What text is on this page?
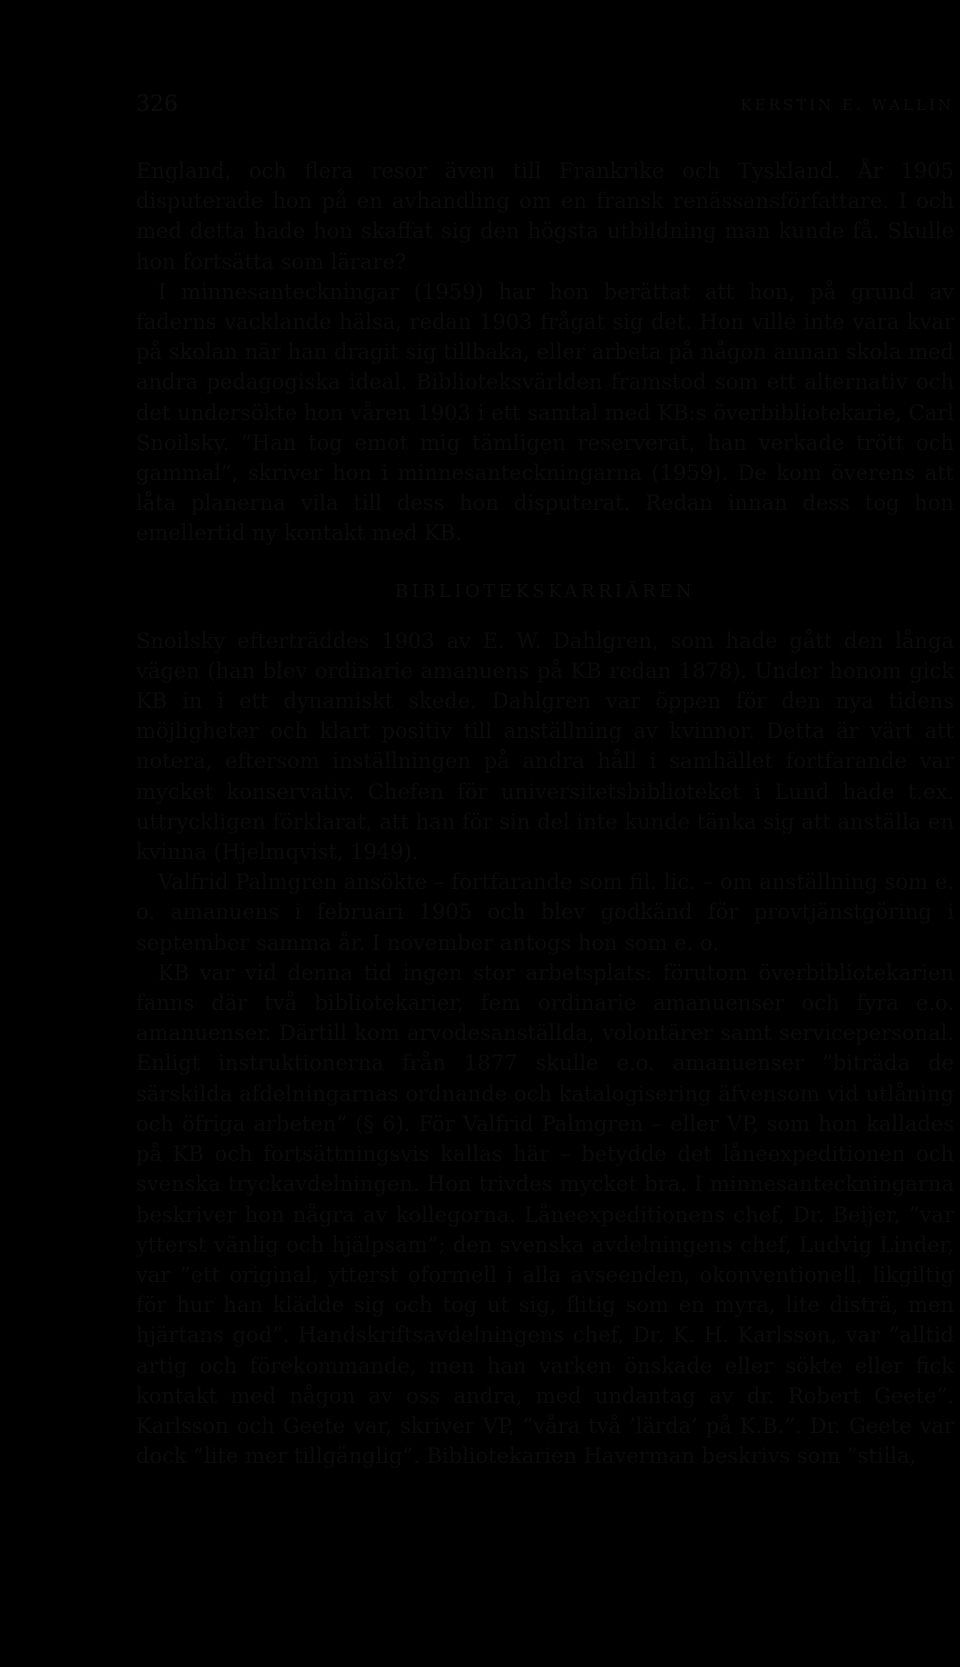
326	KERSTIN E. WALLIN

England, och flera resor även till Frankrike och Tyskland. År 1905 disputerade hon på en avhandling om en fransk renässansförfattare. I och med detta hade hon skaffat sig den högsta utbildning man kunde få. Skulle hon fortsätta som lärare?

I minnesanteckningar (1959) har hon berättat att hon, på grund av faderns vacklande hälsa, redan 1903 frågat sig det. Hon ville inte vara kvar på skolan när han dragit sig tillbaka, eller arbeta på någon annan skola med andra pedagogiska ideal. Biblioteksvärlden framstod som ett alternativ och det undersökte hon våren 1903 i ett samtal med KB:s överbibliotekarie, Carl Snoilsky. ”Han tog emot mig tämligen reserverat, han verkade trött och gammal”, skriver hon i minnesanteckningarna (1959). De kom överens att låta planerna vila till dess hon disputerat. Redan innan dess tog hon emellertid ny kontakt med KB.

BIBLIOTEKSKARRIÄREN

Snoilsky efterträddes 1903 av E. W. Dahlgren, som hade gått den långa vägen (han blev ordinarie amanuens på KB redan 1878). Under honom gick KB in i ett dynamiskt skede. Dahlgren var öppen för den nya tidens möjligheter och klart positiv till anställning av kvinnor. Detta är värt att notera, eftersom inställningen på andra håll i samhället fortfarande var mycket konservativ. Chefen för universitetsbiblioteket i Lund hade t.ex. uttryckligen förklarat, att han för sin del inte kunde tänka sig att anställa en kvinna (Hjelmqvist, 1949).

Valfrid Palmgren ansökte – fortfarande som fil. lic. – om anställning som e. o. amanuens i februari 1905 och blev godkänd för provtjänstgöring i september samma år. I november antogs hon som e. o.

KB var vid denna tid ingen stor arbetsplats: förutom överbibliotekarien fanns där två bibliotekarier, fem ordinarie amanuenser och fyra e.o. amanuenser. Därtill kom arvodesanställda, volontärer samt servicepersonal. Enligt instruktionerna från 1877 skulle e.o. amanuenser ”biträda de särskilda afdelningarnas ordnande och katalogisering äfvensom vid utlåning och öfriga arbeten” (§ 6). För Valfrid Palmgren – eller VP, som hon kallades på KB och fortsättningsvis kallas här – betydde det låneexpeditionen och svenska tryckavdelningen. Hon trivdes mycket bra. I minnesanteckningarna beskriver hon några av kollegorna. Låneexpeditionens chef, Dr. Beijer, ”var ytterst vänlig och hjälpsam”; den svenska avdelningens chef, Ludvig Linder, var ”ett original, ytterst oformell i alla avseenden, okonventionell, likgiltig för hur han klädde sig och tog ut sig, flitig som en myra, lite disträ, men hjärtans god”. Handskriftsavdelningens chef, Dr. K. H. Karlsson, var ”alltid artig och förekommande, men han varken önskade eller sökte eller fick kontakt med någon av oss andra, med undantag av dr. Robert Geete”. Karlsson och Geete var, skriver VP, ”våra två ’lärda’ på K.B.”. Dr. Geete var dock ”lite mer tillgänglig”. Bibliotekarien Haverman beskrivs som ”stilla,
